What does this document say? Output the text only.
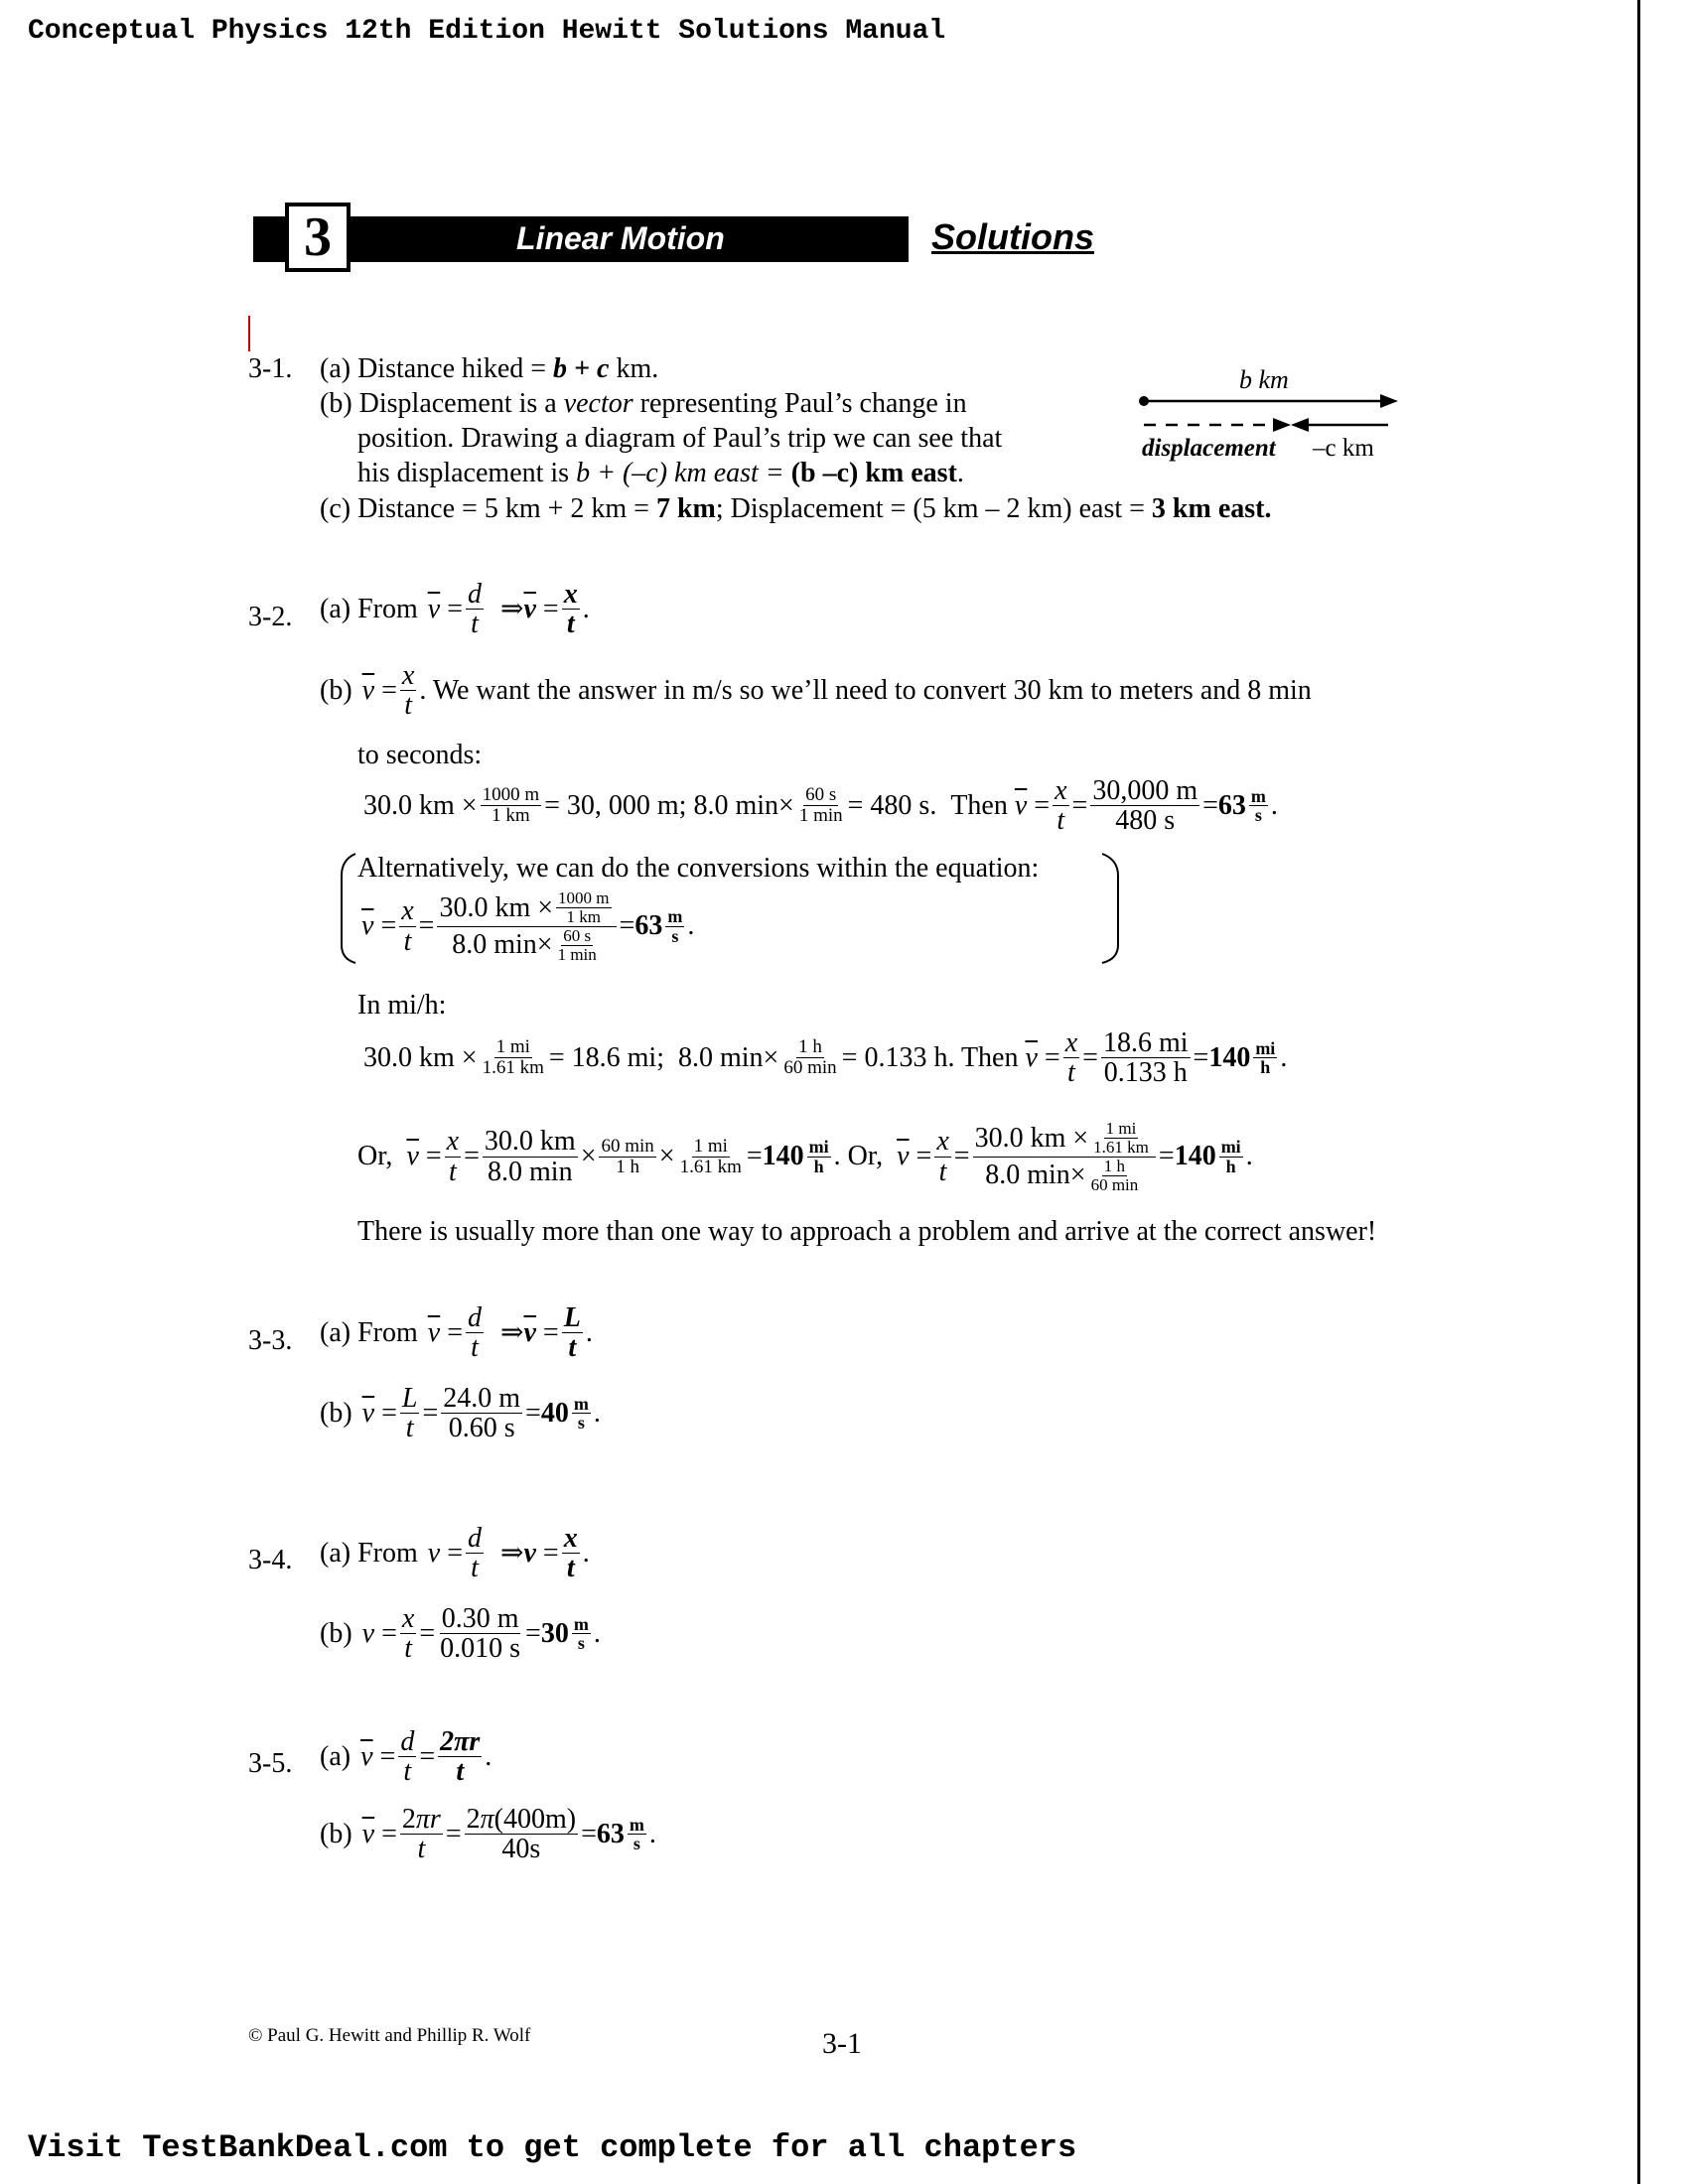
Conceptual Physics 12th Edition Hewitt Solutions Manual
3	Linear Motion	Solutions
3-1. (a) Distance hiked = b + c km.
(b) Displacement is a vector representing Paul’s change in
position. Drawing a diagram of Paul’s trip we can see that
his displacement is b + (–c) km east = (b –c) km east.
(c) Distance = 5 km + 2 km = 7 km; Displacement = (5 km – 2 km) east = 3 km east.
b km
displacement –c km
3-2. (a) From $\overline{v} = d$
t ⇒ $\overline{v} = x$
t .
(b) $\overline{v} = x$
t . We want the answer in m/s so we’ll need to convert 30 km to meters and 8 min
to seconds:
30.0 km × 1000 m
1 km = 30, 000 m; 8.0 min× 60 s
1 min = 480 s.  Then $\overline{v} = x$
t = 30,000 m
480 s = 63 m
s .
Alternatively, we can do the conversions within the equation:
$\overline{v} = x$
t =
30.0 km × 1000 m
1 km
8.0 min× 60 s
1 min
= 63 m
s .
In mi/h:
30.0 km × 1 mi
1.61 km = 18.6 mi;  8.0 min× 1 h
60 min = 0.133 h. Then $\overline{v} = x$
t = 18.6 mi
0.133 h = 140 mi
h .
Or,
$\overline{v} = x$
t = 30.0 km
8.0 min × 60 min
1 h × 1 mi
1.61 km = 140 mi
h . Or,
$\overline{v} = x$
t =
30.0 km × 1 mi
1.61 km
8.0 min× 1 h
60 min
= 140 mi
h .
There is usually more than one way to approach a problem and arrive at the correct answer!
3-3. (a) From $\overline{v} = d$
t ⇒ $\overline{v} = L$
t .
(b) $\overline{v} = L$
t = 24.0 m
0.60 s = 40 m
s .
3-4. (a) From v = d
t ⇒ v = x
t .
(b) v = x
t = 0.30 m
0.010 s = 30 m
s .
3-5. (a) $\overline{v} = d$
t = 2πr
t .
(b) $\overline{v} = 2\pi r$
t = 2π(400m)
40s = 63 m
s .
© Paul G. Hewitt and Phillip R. Wolf	3-1
Visit TestBankDeal.com to get complete for all chapters
